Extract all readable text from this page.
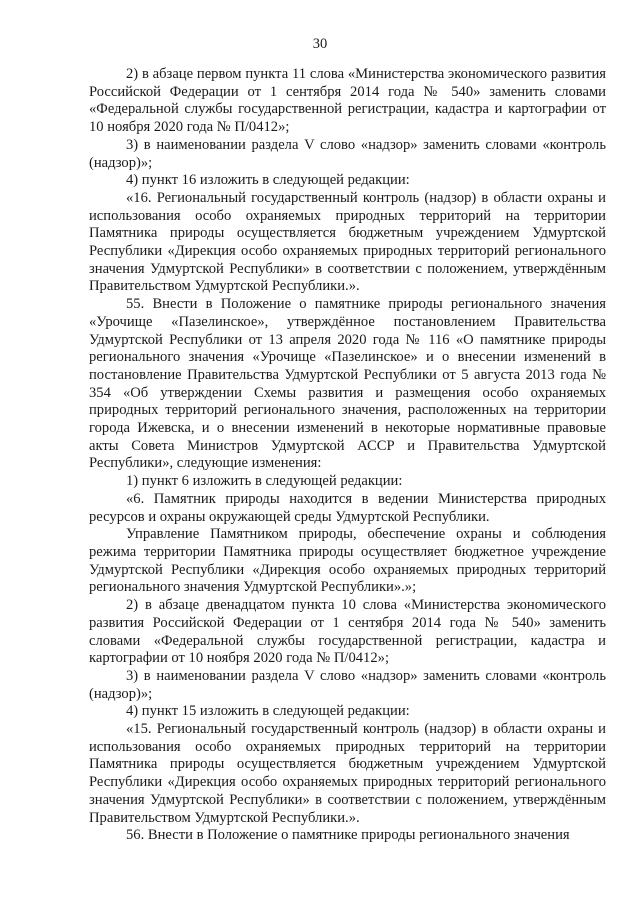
30

2) в абзаце первом пункта 11 слова «Министерства экономического развития Российской Федерации от 1 сентября 2014 года № 540» заменить словами «Федеральной службы государственной регистрации, кадастра и картографии от 10 ноября 2020 года № П/0412»;

3) в наименовании раздела V слово «надзор» заменить словами «контроль (надзор)»;

4) пункт 16 изложить в следующей редакции:

«16. Региональный государственный контроль (надзор) в области охраны и использования особо охраняемых природных территорий на территории Памятника природы осуществляется бюджетным учреждением Удмуртской Республики «Дирекция особо охраняемых природных территорий регионального значения Удмуртской Республики» в соответствии с положением, утверждённым Правительством Удмуртской Республики.».

55. Внести в Положение о памятнике природы регионального значения «Урочище «Пазелинское», утверждённое постановлением Правительства Удмуртской Республики от 13 апреля 2020 года № 116 «О памятнике природы регионального значения «Урочище «Пазелинское» и о внесении изменений в постановление Правительства Удмуртской Республики от 5 августа 2013 года № 354 «Об утверждении Схемы развития и размещения особо охраняемых природных территорий регионального значения, расположенных на территории города Ижевска, и о внесении изменений в некоторые нормативные правовые акты Совета Министров Удмуртской АССР и Правительства Удмуртской Республики», следующие изменения:

1) пункт 6 изложить в следующей редакции:

«6. Памятник природы находится в ведении Министерства природных ресурсов и охраны окружающей среды Удмуртской Республики.

Управление Памятником природы, обеспечение охраны и соблюдения режима территории Памятника природы осуществляет бюджетное учреждение Удмуртской Республики «Дирекция особо охраняемых природных территорий регионального значения Удмуртской Республики».»;

2) в абзаце двенадцатом пункта 10 слова «Министерства экономического развития Российской Федерации от 1 сентября 2014 года № 540» заменить словами «Федеральной службы государственной регистрации, кадастра и картографии от 10 ноября 2020 года № П/0412»;

3) в наименовании раздела V слово «надзор» заменить словами «контроль (надзор)»;

4) пункт 15 изложить в следующей редакции:

«15. Региональный государственный контроль (надзор) в области охраны и использования особо охраняемых природных территорий на территории Памятника природы осуществляется бюджетным учреждением Удмуртской Республики «Дирекция особо охраняемых природных территорий регионального значения Удмуртской Республики» в соответствии с положением, утверждённым Правительством Удмуртской Республики.».

56. Внести в Положение о памятнике природы регионального значения
